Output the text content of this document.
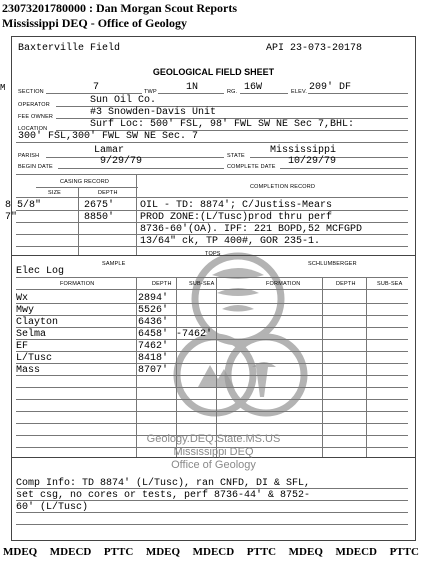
23073201780000 : Dan Morgan Scout Reports
Mississippi DEQ - Office of Geology
M
Baxterville Field	API 23-073-20178
GEOLOGICAL FIELD SHEET
SECTION	7	TWP	1N	RG. 16W	ELEV. 209' DF
OPERATOR	Sun Oil Co.
FEE OWNER	#3 Snowden-Davis Unit
LOCATION	Surf Loc: 500' FSL, 98' FWL SW NE Sec 7,BHL:
300' FSL,300' FWL SW NE Sec. 7
PARISH	Lamar	STATE	Mississippi
BEGIN DATE	9/29/79	COMPLETE DATE 10/29/79
CASING RECORD
COMPLETION RECORD
SIZE	DEPTH
8 5/8"	2675'
7"	8850'
OIL - TD: 8874'; C/Justiss-Mears
PROD ZONE:(L/Tusc)prod thru perf
8736-60'(OA). IPF: 221 BOPD,52 MCFGPD
13/64" ck, TP 400#, GOR 235-1.
TOPS
SAMPLE	SCHLUMBERGER
Elec Log
FORMATION	DEPTH	SUB-SEA	FORMATION	DEPTH	SUB-SEA
Wx	2894'
Mwy	5526'
Clayton	6436'
Selma	6458' -7462'
EF	7462'
L/Tusc	8418'
Mass	8707'
Geology.DEQ.State.MS.US
Mississippi DEQ
Office of Geology
Comp Info: TD 8874' (L/Tusc), ran CNFD, DI & SFL,
set csg, no cores or tests, perf 8736-44' & 8752-
60' (L/Tusc)
MDEQ MDECD PTTC MDEQ MDECD PTTC MDEQ MDECD PTTC
